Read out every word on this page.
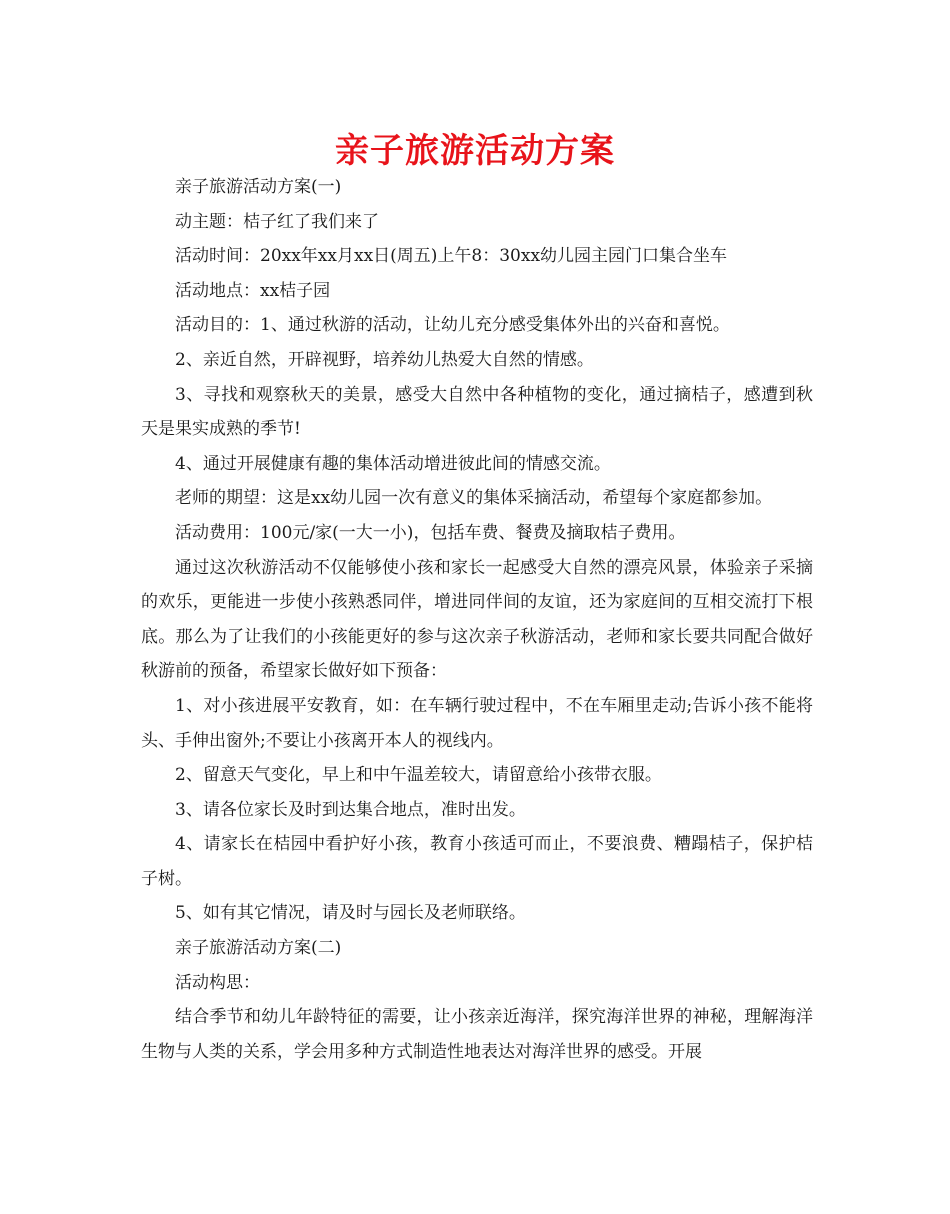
亲子旅游活动方案

亲子旅游活动方案(一)

动主题：桔子红了我们来了

活动时间：20xx年xx月xx日(周五)上午8：30xx幼儿园主园门口集合坐车

活动地点：xx桔子园

活动目的：1、通过秋游的活动，让幼儿充分感受集体外出的兴奋和喜悦。

2、亲近自然，开辟视野，培养幼儿热爱大自然的情感。

3、寻找和观察秋天的美景，感受大自然中各种植物的变化，通过摘桔子，感遭到秋天是果实成熟的季节!

4、通过开展健康有趣的集体活动增进彼此间的情感交流。

老师的期望：这是xx幼儿园一次有意义的集体采摘活动，希望每个家庭都参加。

活动费用：100元/家(一大一小)，包括车费、餐费及摘取桔子费用。

通过这次秋游活动不仅能够使小孩和家长一起感受大自然的漂亮风景，体验亲子采摘的欢乐，更能进一步使小孩熟悉同伴，增进同伴间的友谊，还为家庭间的互相交流打下根底。那么为了让我们的小孩能更好的参与这次亲子秋游活动，老师和家长要共同配合做好秋游前的预备，希望家长做好如下预备：

1、对小孩进展平安教育，如：在车辆行驶过程中，不在车厢里走动;告诉小孩不能将头、手伸出窗外;不要让小孩离开本人的视线内。

2、留意天气变化，早上和中午温差较大，请留意给小孩带衣服。

3、请各位家长及时到达集合地点，准时出发。

4、请家长在桔园中看护好小孩，教育小孩适可而止，不要浪费、糟蹋桔子，保护桔子树。

5、如有其它情况，请及时与园长及老师联络。

亲子旅游活动方案(二)

活动构思：

结合季节和幼儿年龄特征的需要，让小孩亲近海洋，探究海洋世界的神秘，理解海洋生物与人类的关系，学会用多种方式制造性地表达对海洋世界的感受。开展
